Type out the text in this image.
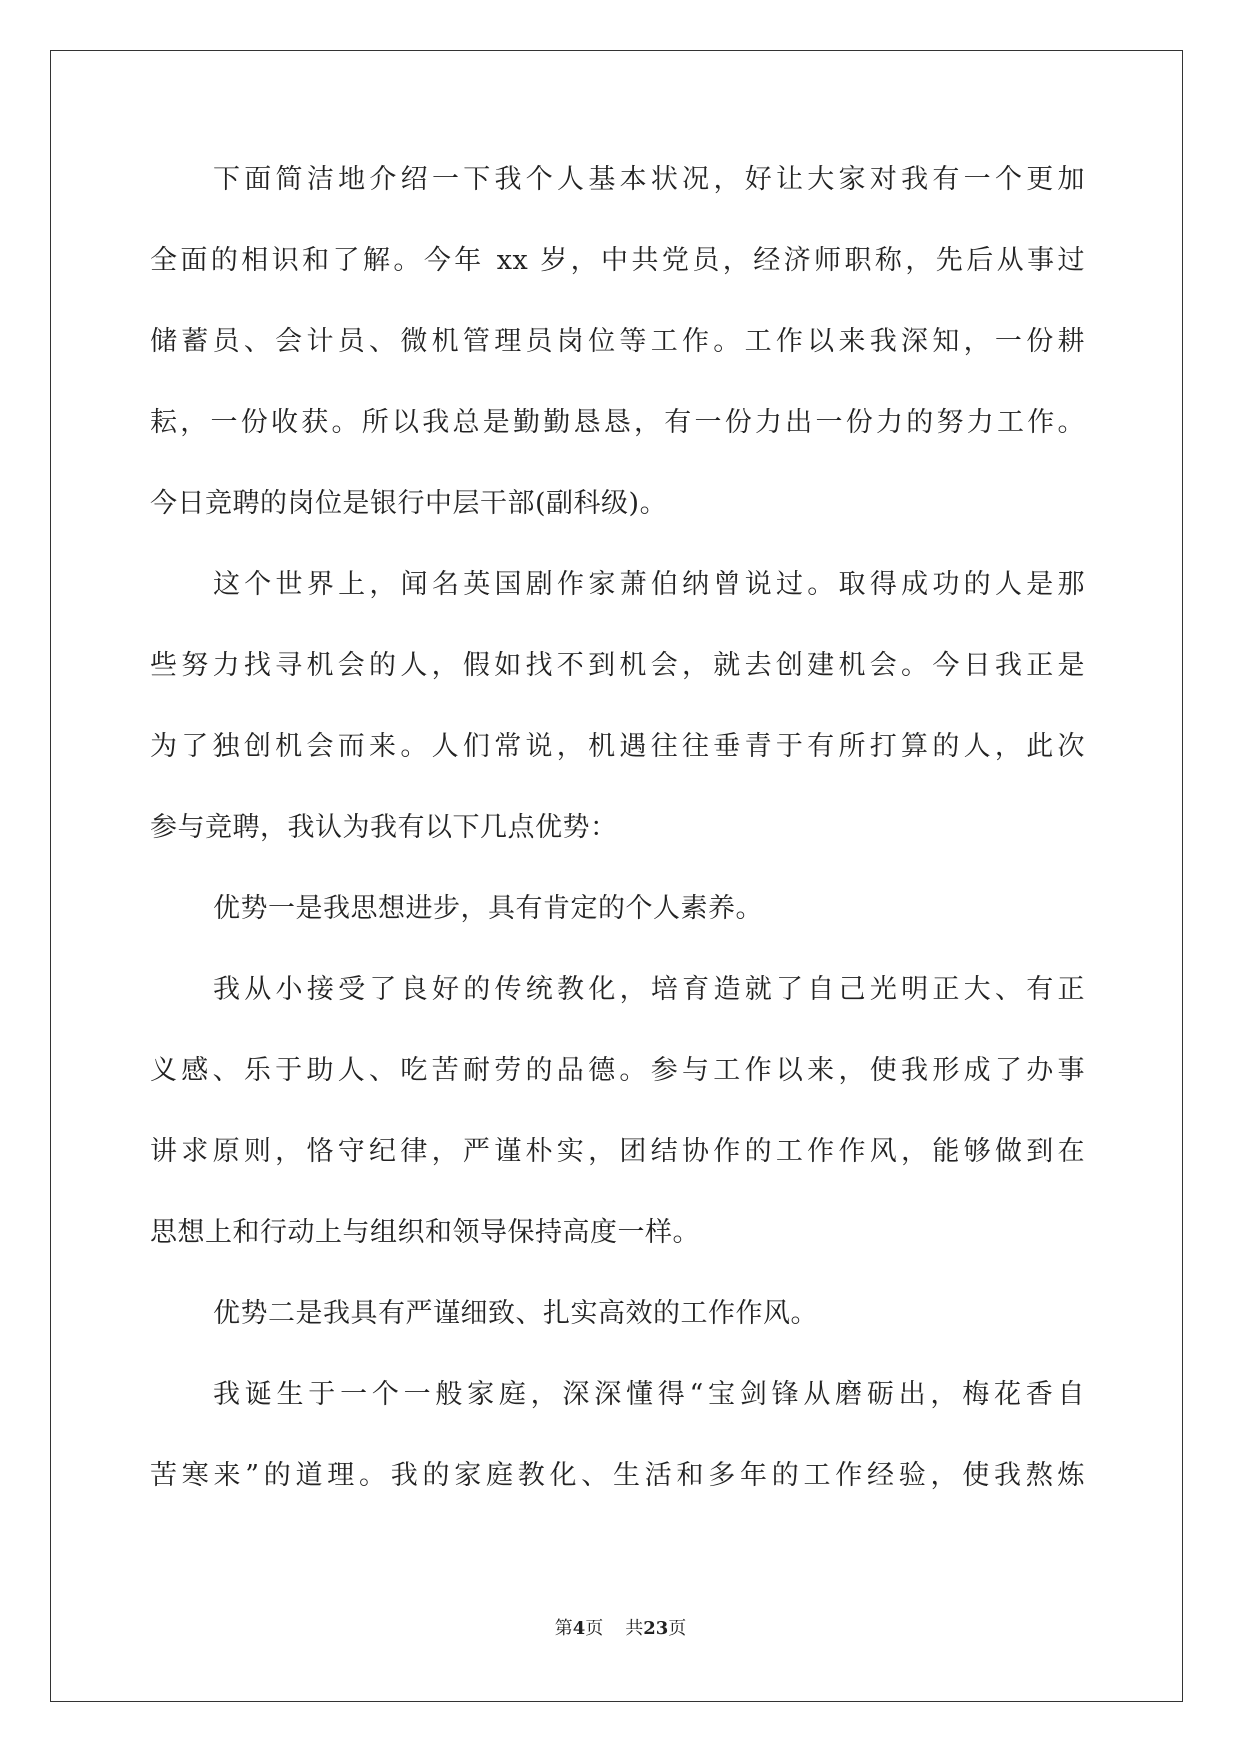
下面简洁地介绍一下我个人基本状况，好让大家对我有一个更加
全面的相识和了解。今年 xx 岁，中共党员，经济师职称，先后从事过
储蓄员、会计员、微机管理员岗位等工作。工作以来我深知，一份耕
耘，一份收获。所以我总是勤勤恳恳，有一份力出一份力的努力工作。
今日竞聘的岗位是银行中层干部(副科级)。
这个世界上，闻名英国剧作家萧伯纳曾说过。取得成功的人是那
些努力找寻机会的人，假如找不到机会，就去创建机会。今日我正是
为了独创机会而来。人们常说，机遇往往垂青于有所打算的人，此次
参与竞聘，我认为我有以下几点优势：
优势一是我思想进步，具有肯定的个人素养。
我从小接受了良好的传统教化，培育造就了自己光明正大、有正
义感、乐于助人、吃苦耐劳的品德。参与工作以来，使我形成了办事
讲求原则，恪守纪律，严谨朴实，团结协作的工作作风，能够做到在
思想上和行动上与组织和领导保持高度一样。
优势二是我具有严谨细致、扎实高效的工作作风。
我诞生于一个一般家庭，深深懂得“宝剑锋从磨砺出，梅花香自
苦寒来”的道理。我的家庭教化、生活和多年的工作经验，使我熬炼
第4页 共23页
